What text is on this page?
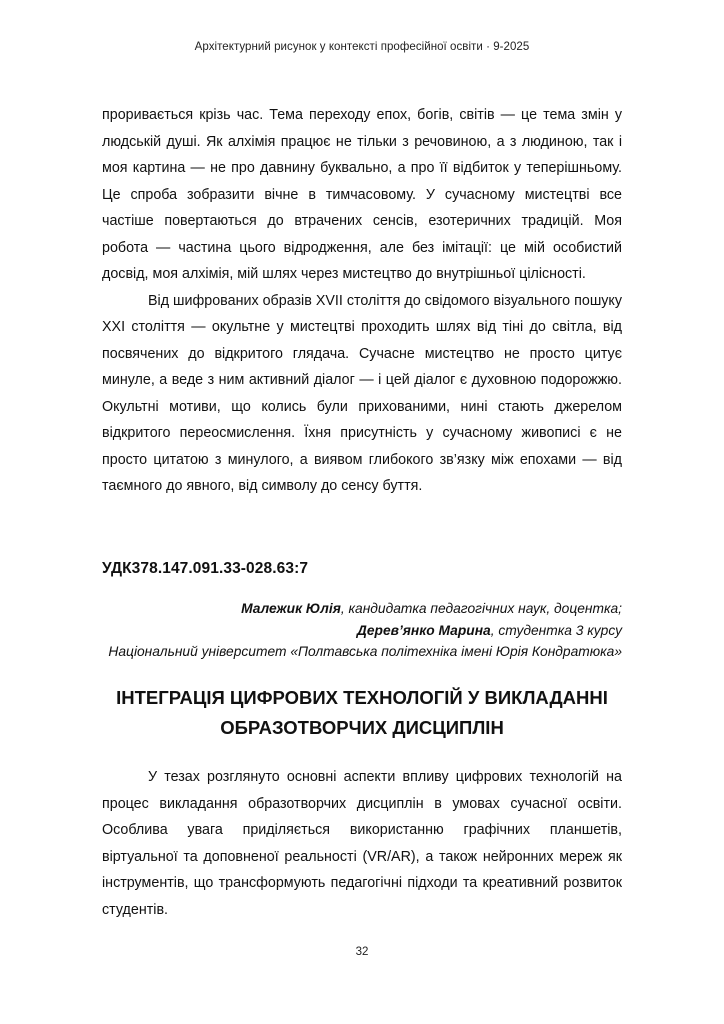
Архітектурний рисунок у контексті професійної освіти · 9-2025

проривається крізь час. Тема переходу епох, богів, світів — це тема змін у людській душі. Як алхімія працює не тільки з речовиною, а з людиною, так і моя картина — не про давнину буквально, а про її відбиток у теперішньому. Це спроба зобразити вічне в тимчасовому. У сучасному мистецтві все частіше повертаються до втрачених сенсів, езотеричних традицій. Моя робота — частина цього відродження, але без імітації: це мій особистий досвід, моя алхімія, мій шлях через мистецтво до внутрішньої цілісності.

Від шифрованих образів XVII століття до свідомого візуального пошуку XXI століття — окультне у мистецтві проходить шлях від тіні до світла, від посвячених до відкритого глядача. Сучасне мистецтво не просто цитує минуле, а веде з ним активний діалог — і цей діалог є духовною подорожжю. Окультні мотиви, що колись були прихованими, нині стають джерелом відкритого переосмислення. Їхня присутність у сучасному живописі є не просто цитатою з минулого, а виявом глибокого зв’язку між епохами — від таємного до явного, від символу до сенсу буття.

УДК378.147.091.33-028.63:7
Малежик Юлія, кандидатка педагогічних наук, доцентка;
Дерев’янко Марина, студентка 3 курсу
Національний університет «Полтавська політехніка імені Юрія Кондратюка»
ІНТЕГРАЦІЯ ЦИФРОВИХ ТЕХНОЛОГІЙ У ВИКЛАДАННІ
ОБРАЗОТВОРЧИХ ДИСЦИПЛІН

У тезах розглянуто основні аспекти впливу цифрових технологій на процес викладання образотворчих дисциплін в умовах сучасної освіти. Особлива увага приділяється використанню графічних планшетів, віртуальної та доповненої реальності (VR/AR), а також нейронних мереж як інструментів, що трансформують педагогічні підходи та креативний розвиток студентів.

32
